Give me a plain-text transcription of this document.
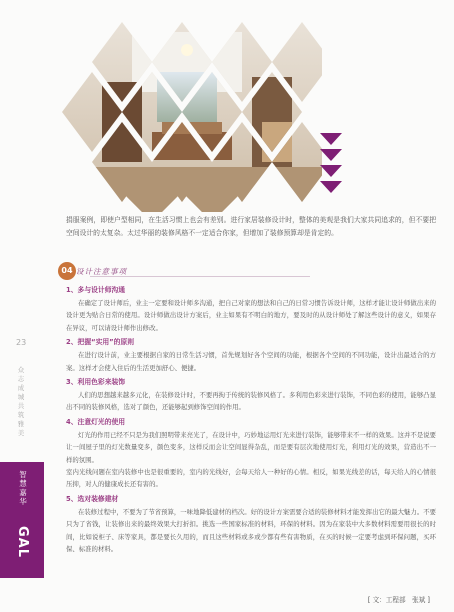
捐服案例，即使户型相同，在生活习惯上也会有差别。进行家居装修设计时，整体的美观是我们大家共同追求的，但不要把空间设计的太复杂。太过华丽的装修风格不一定适合你家，但增加了装修预算却是肯定的。
04 设计注意事项
1、多与设计师沟通

在确定了设计师后，业主一定要和设计师多沟通，把自己对家的想法和自己的日常习惯告诉设计师，这样才能让设计师做出来的设计更为贴合日常的使用。设计师做出设计方案后，业主如果有不明白的地方，要及时的从设计师处了解这些设计的意义，如果存在异议，可以请设计师作出修改。

2、把握“实用”的原则

在进行设计前，业主要根据自家的日常生活习惯，首先规划好各个空间的功能，根据各个空间的不同功能，设计出最适合的方案。这样才会使入住后的生活更加舒心、便捷。

3、利用色彩来装饰

人们的思想越来越多元化，在装修设计时，不要再拘于传统的装修风格了。多利用色彩来进行装饰，不同色彩的使用，能够凸显出不同的装修风格，选对了颜色，还能够起到修饰空间的作用。

4、注意灯光的使用

灯光的作用已经不只是为我们照明带来亮光了，在设计中，巧妙地运用灯光来进行装饰，能够带来不一样的效果。这并不是说要让一间屋子里的灯光数量变多，颜色变多，这样反而会让空间显得杂乱，而是要有层次地使用灯光，利用灯光的效果，营造出不一样的氛围。

室内光线问题在室内装修中也是很重要的，室内的光线好，会每天给人一种好的心情。相反，如果光线差的话，每天给人的心情很压抑，对人的健康成长还有害的。

5、选对装修建材

在装修过程中，不要为了节省预算，一味地降低建材的档次。好的设计方案需要合适的装修材料才能发挥出它的最大魅力。不要只为了省钱，让装修出来的最终效果大打折扣。挑选一些国家标准的材料，环保的材料。因为在家装中大多数材料需要用很长的时间，比如说柜子、床等家具，都是要长久用的，而且这些材料或多或少都有些有害物质，在买的时候一定要考虑到环保问题，买环保、标准的材料。

[ 文：工程部　张斌 ]
23
众
志
成
城
共
筑
雅
美
智
慧
嘉
华
GAL
